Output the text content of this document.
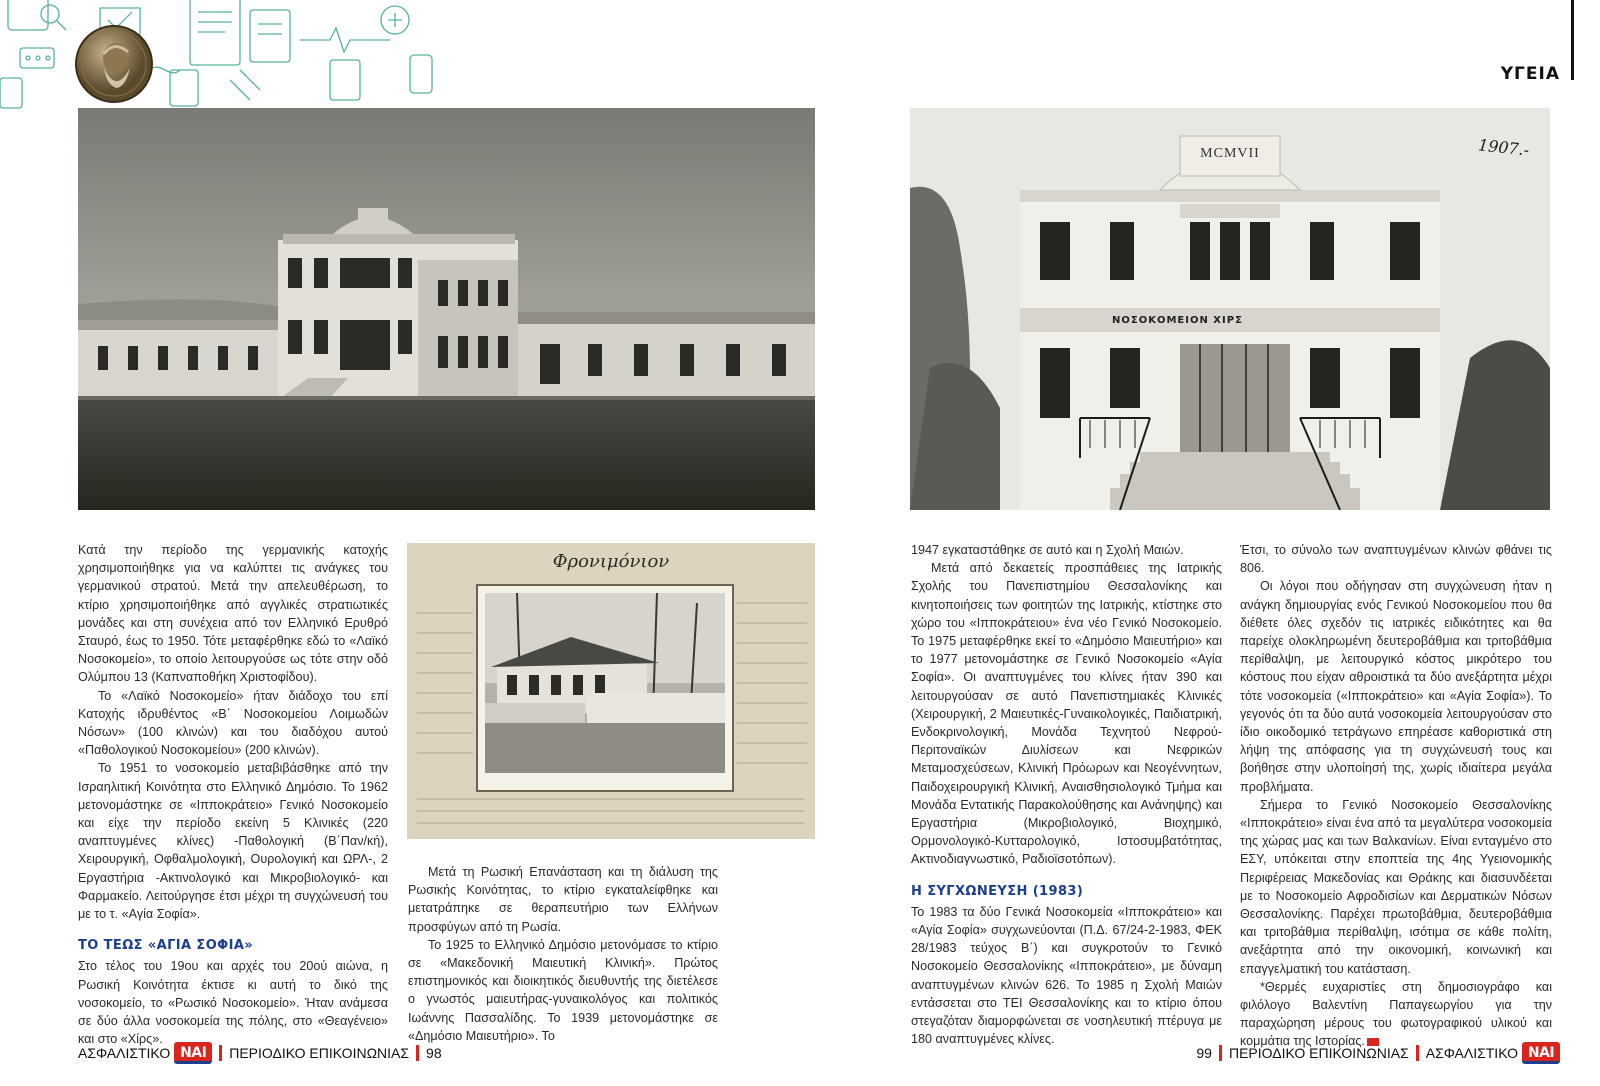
ΥΓΕΙΑ
MCMVII
ΝΟΣΟΚΟΜΕΙΟΝ ΧΙΡΣ
1907.-
Φρονιμόνιον

Κατά την περίοδο της γερμανικής κατοχής χρησιμοποιήθηκε για να καλύπτει τις ανάγκες του γερμανικού στρατού. Μετά την απελευθέρωση, το κτίριο χρησιμοποιήθηκε από αγγλικές στρατιωτικές μονάδες και στη συνέχεια από τον Ελληνικό Ερυθρό Σταυρό, έως το 1950. Τότε μεταφέρθηκε εδώ το «Λαϊκό Νοσοκομείο», το οποίο λειτουργούσε ως τότε στην οδό Ολύμπου 13 (Καπναποθήκη Χριστοφίδου).

Το «Λαϊκό Νοσοκομείο» ήταν διάδοχο του επί Κατοχής ιδρυθέντος «Β΄ Νοσοκομείου Λοιμωδών Νόσων» (100 κλινών) και του διαδόχου αυτού «Παθολογικού Νοσοκομείου» (200 κλινών).

Το 1951 το νοσοκομείο μεταβιβάσθηκε από την Ισραηλιτική Κοινότητα στο Ελληνικό Δημόσιο. Το 1962 μετονομάστηκε σε «Ιπποκράτειο» Γενικό Νοσοκομείο και είχε την περίοδο εκείνη 5 Κλινικές (220 αναπτυγμένες κλίνες) -Παθολογική (Β΄Παν/κή), Χειρουργική, Οφθαλμολογική, Ουρολογική και ΩΡΛ-, 2 Εργαστήρια -Ακτινολογικό και Μικροβιολογικό- και Φαρμακείο. Λειτούργησε έτσι μέχρι τη συγχώνευσή του με το τ. «Αγία Σοφία».

ΤΟ ΤΕΩΣ «ΑΓΙΑ ΣΟΦΙΑ»

Στο τέλος του 19ου και αρχές του 20ού αιώνα, η Ρωσική Κοινότητα έκτισε κι αυτή το δικό της νοσοκομείο, το «Ρωσικό Νοσοκομείο». Ήταν ανάμεσα σε δύο άλλα νοσοκομεία της πόλης, στο «Θεαγένειο» και στο «Χίρς».

Μετά τη Ρωσική Επανάσταση και τη διάλυση της Ρωσικής Κοινότητας, το κτίριο εγκαταλείφθηκε και μετατράπηκε σε θεραπευτήριο των Ελλήνων προσφύγων από τη Ρωσία.

Το 1925 το Ελληνικό Δημόσιο μετονόμασε το κτίριο σε «Μακεδονική Μαιευτική Κλινική». Πρώτος επιστημονικός και διοικητικός διευθυντής της διετέλεσε ο γνωστός μαιευτήρας-γυναικολόγος και πολιτικός Ιωάννης Πασσαλίδης. Το 1939 μετονομάστηκε σε «Δημόσιο Μαιευτήριο». Το

1947 εγκαταστάθηκε σε αυτό και η Σχολή Μαιών.

Μετά από δεκαετείς προσπάθειες της Ιατρικής Σχολής του Πανεπιστημίου Θεσσαλονίκης και κινητοποιήσεις των φοιτητών της Ιατρικής, κτίστηκε στο χώρο του «Ιπποκράτειου» ένα νέο Γενικό Νοσοκομείο. Το 1975 μεταφέρθηκε εκεί το «Δημόσιο Μαιευτήριο» και το 1977 μετονομάστηκε σε Γενικό Νοσοκομείο «Αγία Σοφία». Οι αναπτυγμένες του κλίνες ήταν 390 και λειτουργούσαν σε αυτό Πανεπιστημιακές Κλινικές (Χειρουργική, 2 Μαιευτικές-Γυναικολογικές, Παιδιατρική, Ενδοκρινολογική, Μονάδα Τεχνητού Νεφρού-Περιτοναϊκών Διυλίσεων και Νεφρικών Μεταμοσχεύσεων, Κλινική Πρόωρων και Νεογέννητων, Παιδοχειρουργική Κλινική, Αναισθησιολογικό Τμήμα και Μονάδα Εντατικής Παρακολούθησης και Ανάνηψης) και Εργαστήρια (Μικροβιολογικό, Βιοχημικό, Ορμονολογικό-Κυτταρολογικό, Ιστοσυμβατότητας, Ακτινοδιαγνωστικό, Ραδιοϊσοτόπων).

Η ΣΥΓΧΩΝΕΥΣΗ (1983)

Το 1983 τα δύο Γενικά Νοσοκομεία «Ιπποκράτειο» και «Αγία Σοφία» συγχωνεύονται (Π.Δ. 67/24-2-1983, ΦΕΚ 28/1983 τεύχος Β΄) και συγκροτούν το Γενικό Νοσοκομείο Θεσσαλονίκης «Ιπποκράτειο», με δύναμη αναπτυγμένων κλινών 626. Το 1985 η Σχολή Μαιών εντάσσεται στο ΤΕΙ Θεσσαλονίκης και το κτίριο όπου στεγαζόταν διαμορφώνεται σε νοσηλευτική πτέρυγα με 180 αναπτυγμένες κλίνες.

Έτσι, το σύνολο των αναπτυγμένων κλινών φθάνει τις 806.

Οι λόγοι που οδήγησαν στη συγχώνευση ήταν η ανάγκη δημιουργίας ενός Γενικού Νοσοκομείου που θα διέθετε όλες σχεδόν τις ιατρικές ειδικότητες και θα παρείχε ολοκληρωμένη δευτεροβάθμια και τριτοβάθμια περίθαλψη, με λειτουργικό κόστος μικρότερο του κόστους που είχαν αθροιστικά τα δύο ανεξάρτητα μέχρι τότε νοσοκομεία («Ιπποκράτειο» και «Αγία Σοφία»). Το γεγονός ότι τα δύο αυτά νοσοκομεία λειτουργούσαν στο ίδιο οικοδομικό τετράγωνο επηρέασε καθοριστικά στη λήψη της απόφασης για τη συγχώνευσή τους και βοήθησε στην υλοποίησή της, χωρίς ιδιαίτερα μεγάλα προβλήματα.

Σήμερα το Γενικό Νοσοκομείο Θεσσαλονίκης «Ιπποκράτειο» είναι ένα από τα μεγαλύτερα νοσοκομεία της χώρας μας και των Βαλκανίων. Είναι ενταγμένο στο ΕΣΥ, υπόκειται στην εποπτεία της 4ης Υγειονομικής Περιφέρειας Μακεδονίας και Θράκης και διασυνδέεται με το Νοσοκομείο Αφροδισίων και Δερματικών Νόσων Θεσσαλονίκης. Παρέχει πρωτοβάθμια, δευτεροβάθμια και τριτοβάθμια περίθαλψη, ισότιμα σε κάθε πολίτη, ανεξάρτητα από την οικονομική, κοινωνική και επαγγελματική του κατάσταση.

*Θερμές ευχαριστίες στη δημοσιογράφο και φιλόλογο Βαλεντίνη Παπαγεωργίου για την παραχώρηση μέρους του φωτογραφικού υλικού και κομμάτια της Ιστορίας.

ΑΣΦΑΛΙΣΤΙΚΟ ΝΑΙ	ΠΕΡΙΟΔΙΚΟ ΕΠΙΚΟΙΝΩΝΙΑΣ 98	99 ΠΕΡΙΟΔΙΚΟ ΕΠΙΚΟΙΝΩΝΙΑΣ ΑΣΦΑΛΙΣΤΙΚΟ ΝΑΙ
